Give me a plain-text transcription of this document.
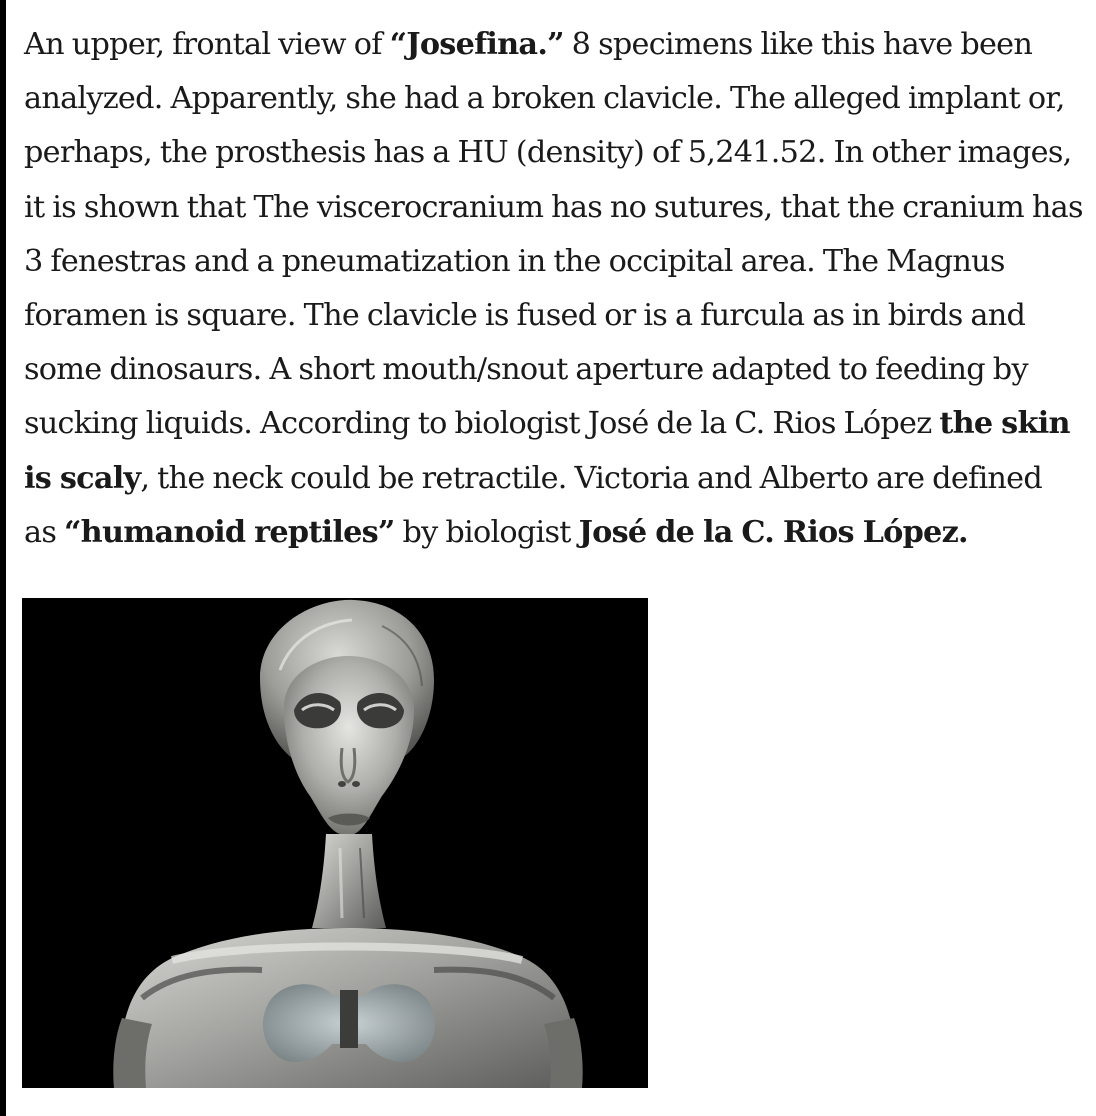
An upper, frontal view of “Josefina.” 8 specimens like this have been
analyzed. Apparently, she had a broken clavicle. The alleged implant or,
perhaps, the prosthesis has a HU (density) of 5,241.52. In other images,
it is shown that The viscerocranium has no sutures, that the cranium has
3 fenestras and a pneumatization in the occipital area. The Magnus
foramen is square. The clavicle is fused or is a furcula as in birds and
some dinosaurs. A short mouth/snout aperture adapted to feeding by
sucking liquids. According to biologist José de la C. Rios López the skin
is scaly, the neck could be retractile. Victoria and Alberto are defined
as “humanoid reptiles” by biologist José de la C. Rios López.
